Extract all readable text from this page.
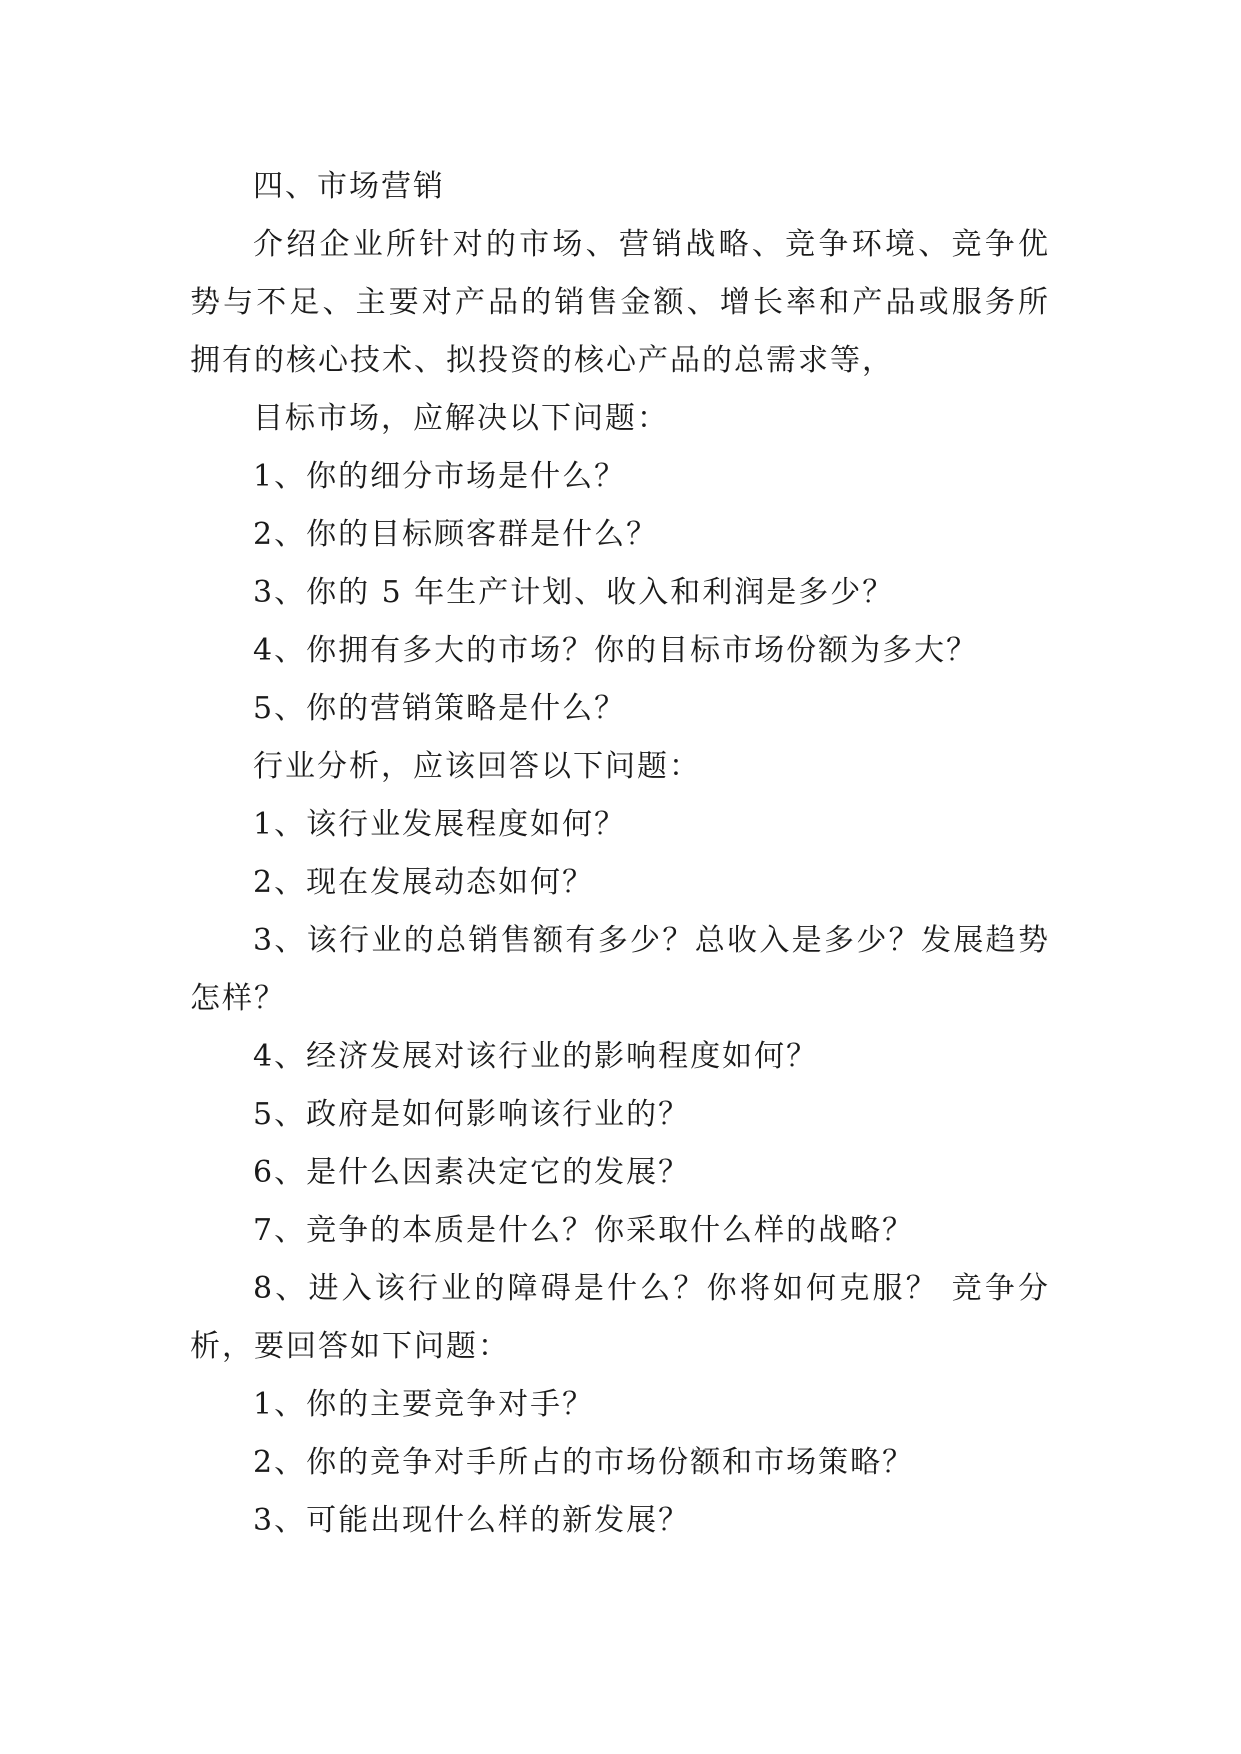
四、市场营销

介绍企业所针对的市场、营销战略、竞争环境、竞争优势与不足、主要对产品的销售金额、增长率和产品或服务所拥有的核心技术、拟投资的核心产品的总需求等，

目标市场，应解决以下问题：

1、你的细分市场是什么？

2、你的目标顾客群是什么？

3、你的 5 年生产计划、收入和利润是多少？

4、你拥有多大的市场？你的目标市场份额为多大？

5、你的营销策略是什么？

行业分析，应该回答以下问题：

1、该行业发展程度如何？

2、现在发展动态如何？

3、该行业的总销售额有多少？总收入是多少？发展趋势怎样？

4、经济发展对该行业的影响程度如何？

5、政府是如何影响该行业的？

6、是什么因素决定它的发展？

7、竞争的本质是什么？你采取什么样的战略？

8、进入该行业的障碍是什么？你将如何克服？ 竞争分析，要回答如下问题：

1、你的主要竞争对手？

2、你的竞争对手所占的市场份额和市场策略？

3、可能出现什么样的新发展？
